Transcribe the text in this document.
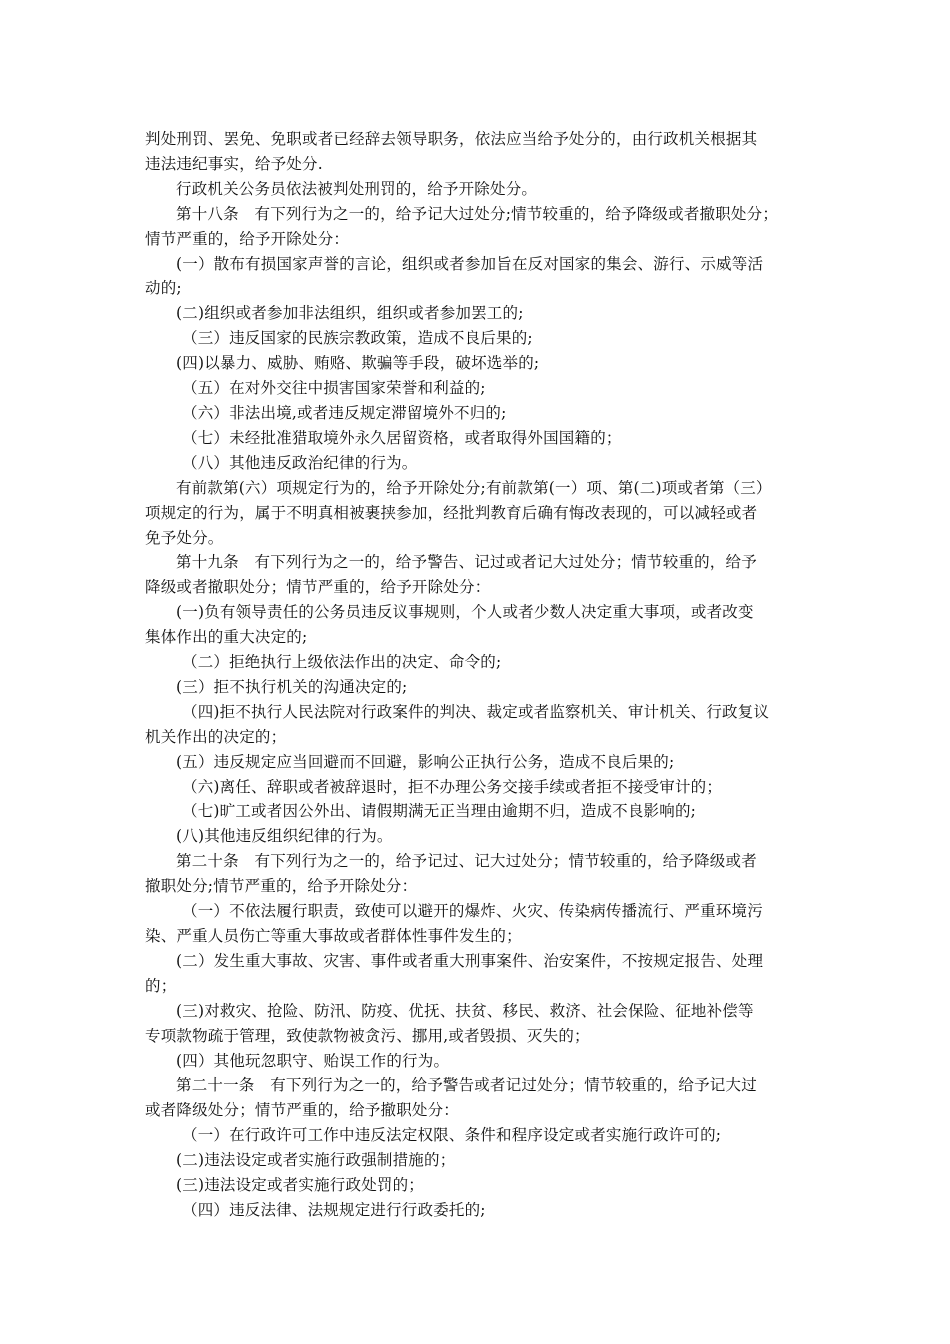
判处刑罚、罢免、免职或者已经辞去领导职务，依法应当给予处分的，由行政机关根据其
违法违纪事实，给予处分.
行政机关公务员依法被判处刑罚的，给予开除处分。
第十八条　有下列行为之一的，给予记大过处分;情节较重的，给予降级或者撤职处分；
情节严重的，给予开除处分：
(一）散布有损国家声誉的言论，组织或者参加旨在反对国家的集会、游行、示威等活
动的;
(二)组织或者参加非法组织，组织或者参加罢工的;
（三）违反国家的民族宗教政策，造成不良后果的;
(四)以暴力、威胁、贿赂、欺骗等手段，破坏选举的;
（五）在对外交往中损害国家荣誉和利益的;
（六）非法出境,或者违反规定滞留境外不归的;
（七）未经批准猎取境外永久居留资格，或者取得外国国籍的；
（八）其他违反政治纪律的行为。
有前款第(六）项规定行为的，给予开除处分;有前款第(一）项、第(二)项或者第（三）
项规定的行为，属于不明真相被裹挟参加，经批判教育后确有悔改表现的，可以减轻或者
免予处分。
第十九条　有下列行为之一的，给予警告、记过或者记大过处分；情节较重的，给予
降级或者撤职处分；情节严重的，给予开除处分：
(一)负有领导责任的公务员违反议事规则，个人或者少数人决定重大事项，或者改变
集体作出的重大决定的;
（二）拒绝执行上级依法作出的决定、命令的;
(三）拒不执行机关的沟通决定的;
（四)拒不执行人民法院对行政案件的判决、裁定或者监察机关、审计机关、行政复议
机关作出的决定的；
(五）违反规定应当回避而不回避，影响公正执行公务，造成不良后果的;
（六)离任、辞职或者被辞退时，拒不办理公务交接手续或者拒不接受审计的；
（七)旷工或者因公外出、请假期满无正当理由逾期不归，造成不良影响的;
(八)其他违反组织纪律的行为。
第二十条　有下列行为之一的，给予记过、记大过处分；情节较重的，给予降级或者
撤职处分;情节严重的，给予开除处分：
（一）不依法履行职责，致使可以避开的爆炸、火灾、传染病传播流行、严重环境污
染、严重人员伤亡等重大事故或者群体性事件发生的；
(二）发生重大事故、灾害、事件或者重大刑事案件、治安案件，不按规定报告、处理
的；
(三)对救灾、抢险、防汛、防疫、优抚、扶贫、移民、救济、社会保险、征地补偿等
专项款物疏于管理，致使款物被贪污、挪用,或者毁损、灭失的；
(四）其他玩忽职守、贻误工作的行为。
第二十一条　有下列行为之一的，给予警告或者记过处分；情节较重的，给予记大过
或者降级处分；情节严重的，给予撤职处分：
（一）在行政许可工作中违反法定权限、条件和程序设定或者实施行政许可的;
(二)违法设定或者实施行政强制措施的；
(三)违法设定或者实施行政处罚的；
（四）违反法律、法规规定进行行政委托的;
